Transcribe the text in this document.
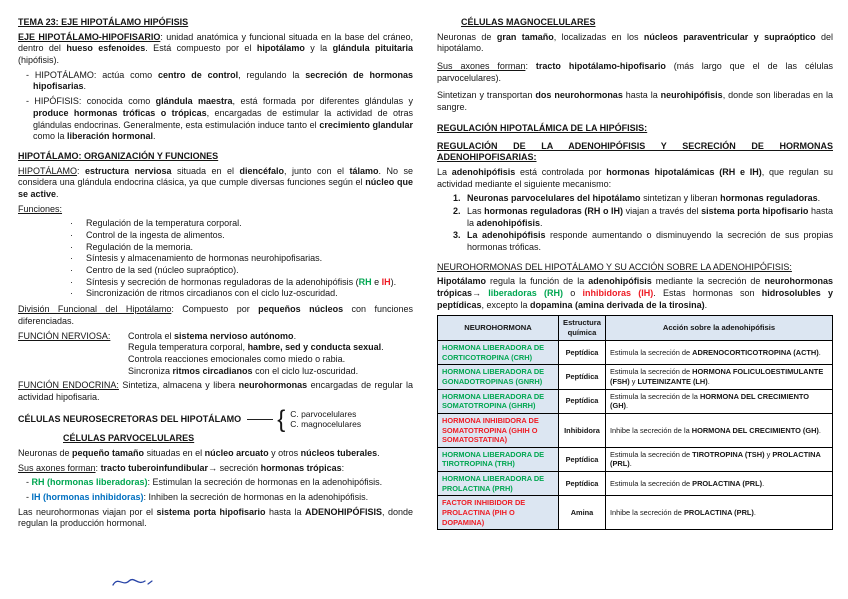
TEMA 23: EJE HIPOTÁLAMO HIPÓFISIS
EJE HIPOTÁLAMO-HIPOFISARIO: unidad anatómica y funcional situada en la base del cráneo, dentro del hueso esfenoides. Está compuesto por el hipotálamo y la glándula pituitaria (hipófisis).
- HIPOTÁLAMO: actúa como centro de control, regulando la secreción de hormonas hipofisarias.
- HIPÓFISIS: conocida como glándula maestra, está formada por diferentes glándulas y produce hormonas tróficas o trópicas, encargadas de estimular la actividad de otras glándulas endocrinas. Generalmente, esta estimulación induce tanto el crecimiento glandular como la liberación hormonal.
HIPOTÁLAMO: ORGANIZACIÓN Y FUNCIONES
HIPOTÁLAMO: estructura nerviosa situada en el diencéfalo, junto con el tálamo. No se considera una glándula endocrina clásica, ya que cumple diversas funciones según el núcleo que se active.
Funciones:
·	Regulación de la temperatura corporal.
·	Control de la ingesta de alimentos.
·	Regulación de la memoria.
·	Síntesis y almacenamiento de hormonas neurohipofisarias.
·	Centro de la sed (núcleo supraóptico).
·	Síntesis y secreción de hormonas reguladoras de la adenohipófisis (RH e IH).
·	Sincronización de ritmos circadianos con el ciclo luz-oscuridad.
División Funcional del Hipotálamo: Compuesto por pequeños núcleos con funciones diferenciadas.
FUNCIÓN NERVIOSA:	Controla el sistema nervioso autónomo.
Regula temperatura corporal, hambre, sed y conducta sexual.
Controla reacciones emocionales como miedo o rabia.
Sincroniza ritmos circadianos con el ciclo luz-oscuridad.
FUNCIÓN ENDOCRINA: Sintetiza, almacena y libera neurohormonas encargadas de regular la actividad hipofisaria.
CÉLULAS NEUROSECRETORAS DEL HIPOTÁLAMO { C. parvocelulares
C. magnocelulares
CÉLULAS PARVOCELULARES
Neuronas de pequeño tamaño situadas en el núcleo arcuato y otros núcleos tuberales.
Sus axones forman: tracto tuberoinfundibular→ secreción hormonas trópicas:
- RH (hormonas liberadoras): Estimulan la secreción de hormonas en la adenohipófisis.
- IH (hormonas inhibidoras): Inhiben la secreción de hormonas en la adenohipófisis.
Las neurohormonas viajan por el sistema porta hipofisario hasta la ADENOHIPÓFISIS, donde regulan la producción hormonal.
CÉLULAS MAGNOCELULARES
Neuronas de gran tamaño, localizadas en los núcleos paraventricular y supraóptico del hipotálamo.
Sus axones forman: tracto hipotálamo-hipofisario (más largo que el de las células parvocelulares).
Sintetizan y transportan dos neurohormonas hasta la neurohipófisis, donde son liberadas en la sangre.
REGULACIÓN HIPOTALÁMICA DE LA HIPÓFISIS:
REGULACIÓN DE LA ADENOHIPÓFISIS Y SECRECIÓN DE HORMONAS ADENOHIPOFISARIAS:
La adenohipófisis está controlada por hormonas hipotalámicas (RH e IH), que regulan su actividad mediante el siguiente mecanismo:
1. Neuronas parvocelulares del hipotálamo sintetizan y liberan hormonas reguladoras.
2. Las hormonas reguladoras (RH o IH) viajan a través del sistema porta hipofisario hasta la adenohipófisis.
3. La adenohipófisis responde aumentando o disminuyendo la secreción de sus propias hormonas tróficas.
NEUROHORMONAS DEL HIPOTÁLAMO Y SU ACCIÓN SOBRE LA ADENOHIPÓFISIS:
Hipotálamo regula la función de la adenohipófisis mediante la secreción de neurohormonas trópicas→ liberadoras (RH) o inhibidoras (IH). Estas hormonas son hidrosolubles y peptídicas, excepto la dopamina (amina derivada de la tirosina).
NEUROHORMONA	Estructura química	Acción sobre la adenohipófisis
HORMONA LIBERADORA DE CORTICOTROPINA (CRH)	Peptídica	Estimula la secreción de ADRENOCORTICOTROPINA (ACTH).
HORMONA LIBERADORA DE GONADOTROPINAS (GNRH)	Peptídica	Estimula la secreción de HORMONA FOLICULOESTIMULANTE (FSH) y LUTEINIZANTE (LH).
HORMONA LIBERADORA DE SOMATOTROPINA (GHRH)	Peptídica	Estimula la secreción de la HORMONA DEL CRECIMIENTO (GH).
HORMONA INHIBIDORA DE SOMATOTROPINA (GHIH O SOMATOSTATINA)	Inhibidora	Inhibe la secreción de la HORMONA DEL CRECIMIENTO (GH).
HORMONA LIBERADORA DE TIROTROPINA (TRH)	Peptídica	Estimula la secreción de TIROTROPINA (TSH) y PROLACTINA (PRL).
HORMONA LIBERADORA DE PROLACTINA (PRH)	Peptídica	Estimula la secreción de PROLACTINA (PRL).
FACTOR INHIBIDOR DE PROLACTINA (PIH O DOPAMINA)	Amina	Inhibe la secreción de PROLACTINA (PRL).
